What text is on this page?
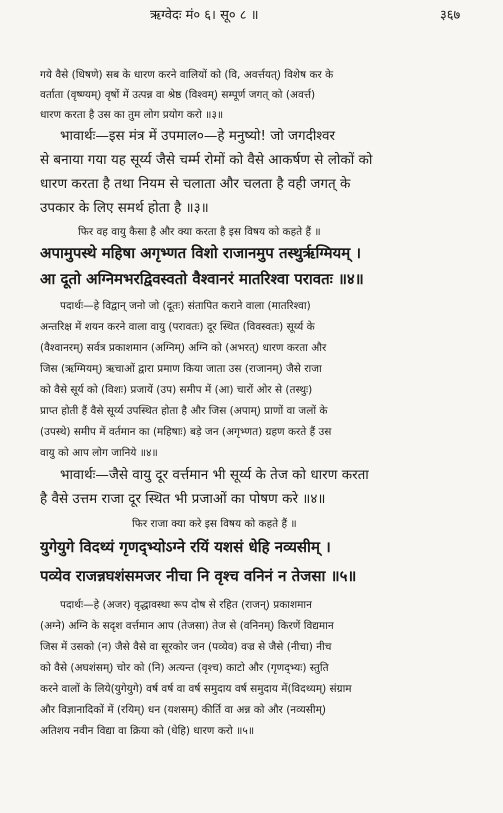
ऋग्वेदः मं० ६। सू० ८ ॥	३६७
गये वैसे (धिषणे) सब के धारण करने वालियों को (वि, अवर्त्तयत्) विशेष कर के
वर्ताता (वृष्ण्यम्) वृषों में उत्पन्न वा श्रेष्ठ (विश्वम्) सम्पूर्ण जगत् को (अवर्त्त)
धारण करता है उस का तुम लोग प्रयोग करो ॥३॥
भावार्थः—इस मंत्र में उपमाल०—हे मनुष्यो! जो जगदीश्वर
से बनाया गया यह सूर्य्य जैसे चर्म्म रोमों को वैसे आकर्षण से लोकों को
धारण करता है तथा नियम से चलाता और चलता है वही जगत् के
उपकार के लिए समर्थ होता है ॥३॥
फिर वह वायु कैसा है और क्या करता है इस विषय को कहते हैं ॥
अपामुपस्थे महिषा अगृभ्णत विशो राजानमुप तस्थुर्ऋग्मियम् ।
आ दूतो अग्निमभरद्विवस्वतो वैश्वानरं मातरिश्वा परावतः ॥४॥
पदार्थः—हे विद्वान् जनो जो (दूतः) संतापित कराने वाला (मातरिश्वा)
अन्तरिक्ष में शयन करने वाला वायु (परावतः) दूर स्थित (विवस्वतः) सूर्य्य के
(वैश्वानरम्) सर्वत्र प्रकाशमान (अग्निम्) अग्नि को (अभरत्) धारण करता और
जिस (ऋग्मियम्) ऋचाओं द्वारा प्रमाण किया जाता उस (राजानम्) जैसे राजा
को वैसे सूर्य को (विशः) प्रजायें (उप) समीप में (आ) चारों ओर से (तस्थुः)
प्राप्त होती हैं वैसे सूर्य्य उपस्थित होता है और जिस (अपाम्) प्राणों वा जलों के
(उपस्थे) समीप में वर्तमान का (महिषाः) बड़े जन (अगृभ्णत) ग्रहण करते हैं उस
वायु को आप लोग जानिये ॥४॥
भावार्थः—जैसे वायु दूर वर्त्तमान भी सूर्य्य के तेज को धारण करता
है वैसे उत्तम राजा दूर स्थित भी प्रजाओं का पोषण करे ॥४॥
फिर राजा क्या करे इस विषय को कहते हैं ॥
युगेयुगे विदथ्यं गृणद्भ्योऽग्ने रयिं यशसं धेहि नव्यसीम् ।
पव्येव राजन्नघशंसमजर नीचा नि वृश्च वनिनं न तेजसा ॥५॥
पदार्थः—हे (अजर) वृद्धावस्था रूप दोष से रहित (राजन्) प्रकाशमान
(अग्ने) अग्नि के सदृश वर्त्तमान आप (तेजसा) तेज से (वनिनम्) किरणें विद्यमान
जिस में उसको (न) जैसे वैसे वा सूरकोर जन (पव्येव) वज्र से जैसे (नीचा) नीच
को वैसे (अघशंसम्) चोर को (नि) अत्यन्त (वृश्च) काटो और (गृणद्भ्यः) स्तुति
करने वालों के लिये(युगेयुगे) वर्ष वर्ष वा वर्ष समुदाय वर्ष समुदाय में(विदथ्यम्) संग्राम
और विज्ञानादिकों में (रयिम्) धन (यशसम्) कीर्ति वा अन्न को और (नव्यसीम्)
अतिशय नवीन विद्या वा क्रिया को (धेहि) धारण करो ॥५॥
